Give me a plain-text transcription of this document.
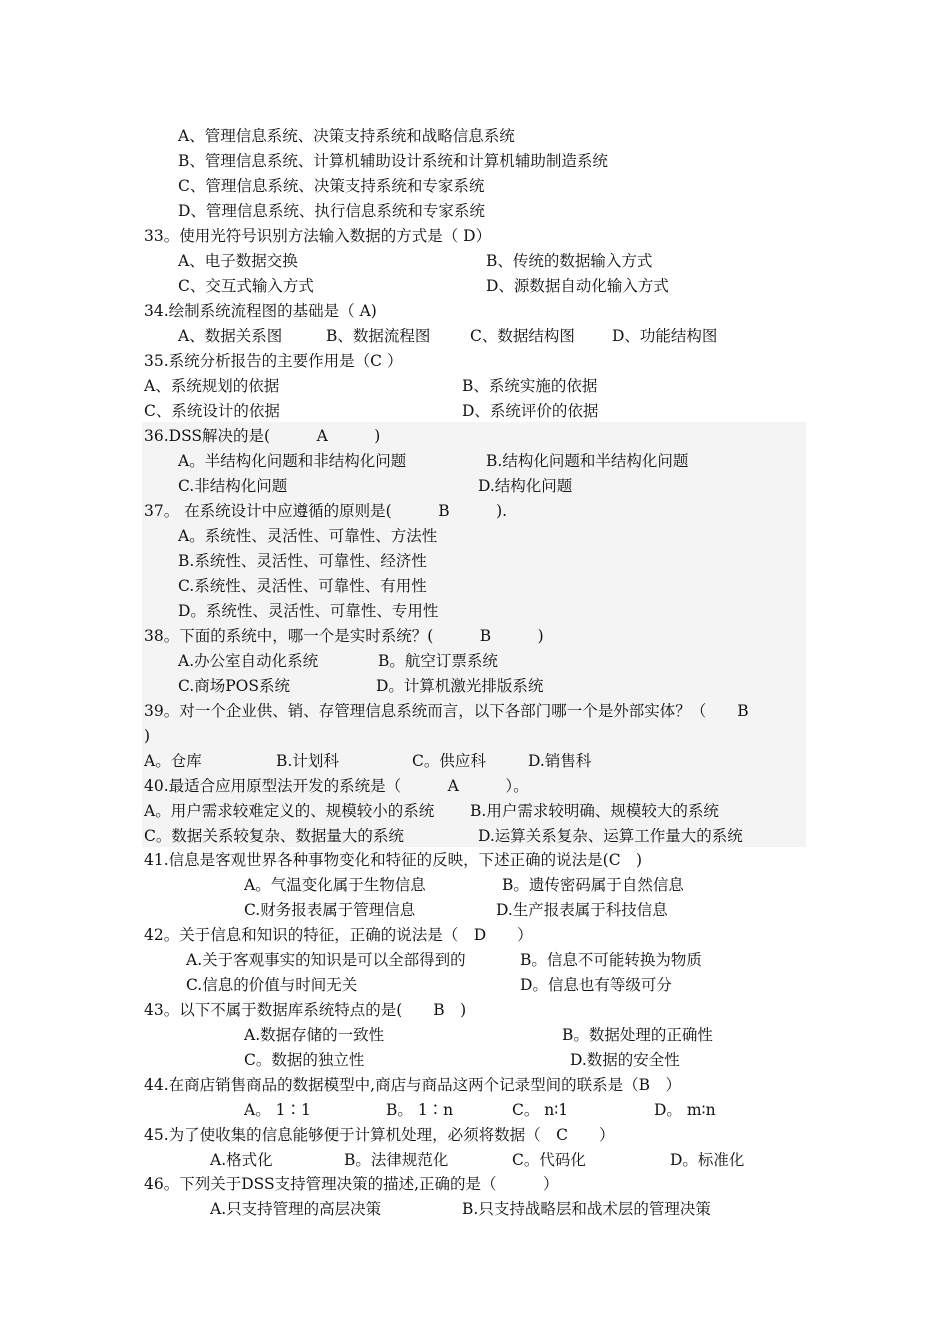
A、管理信息系统、决策支持系统和战略信息系统
B、管理信息系统、计算机辅助设计系统和计算机辅助制造系统
C、管理信息系统、决策支持系统和专家系统
D、管理信息系统、执行信息系统和专家系统
33。使用光符号识别方法输入数据的方式是（ D）
A、电子数据交换	B、传统的数据输入方式
C、交互式输入方式	D、源数据自动化输入方式
34.绘制系统流程图的基础是（ A)
A、数据关系图	B、数据流程图	C、数据结构图 D、功能结构图
35.系统分析报告的主要作用是（C ）
A、系统规划的依据	B、系统实施的依据
C、系统设计的依据	D、系统评价的依据
36.DSS解决的是(　　　A　　　)
A。半结构化问题和非结构化问题	B.结构化问题和半结构化问题
C.非结构化问题	D.结构化问题
37。 在系统设计中应遵循的原则是(　　　B　　　).
A。系统性、灵活性、可靠性、方法性
B.系统性、灵活性、可靠性、经济性
C.系统性、灵活性、可靠性、有用性
D。系统性、灵活性、可靠性、专用性
38。下面的系统中，哪一个是实时系统？(　　　B　　　)
A.办公室自动化系统	B。航空订票系统
C.商场POS系统	D。计算机激光排版系统
39。对一个企业供、销、存管理信息系统而言，以下各部门哪一个是外部实体？（　　B
)
A。仓库	B.计划科	C。供应科	D.销售科
40.最适合应用原型法开发的系统是（　　　A　　　）。
A。用户需求较难定义的、规模较小的系统 B.用户需求较明确、规模较大的系统
C。数据关系较复杂、数据量大的系统	D.运算关系复杂、运算工作量大的系统
41.信息是客观世界各种事物变化和特征的反映，下述正确的说法是(C　)
A。气温变化属于生物信息	B。遗传密码属于自然信息
C.财务报表属于管理信息	D.生产报表属于科技信息
42。关于信息和知识的特征，正确的说法是（　D　　）
A.关于客观事实的知识是可以全部得到的	B。信息不可能转换为物质
C.信息的价值与时间无关	D。信息也有等级可分
43。以下不属于数据库系统特点的是(　　B　)
A.数据存储的一致性	B。数据处理的正确性
C。数据的独立性	D.数据的安全性
44.在商店销售商品的数据模型中,商店与商品这两个记录型间的联系是（B　）
A。 1∶1	B。 1∶n	C。 n∶1	D。 m∶n
45.为了使收集的信息能够便于计算机处理，必须将数据（　C　　）
A.格式化	B。法律规范化	C。代码化	D。标准化
46。下列关于DSS支持管理决策的描述,正确的是（　　　）
A.只支持管理的高层决策	B.只支持战略层和战术层的管理决策
